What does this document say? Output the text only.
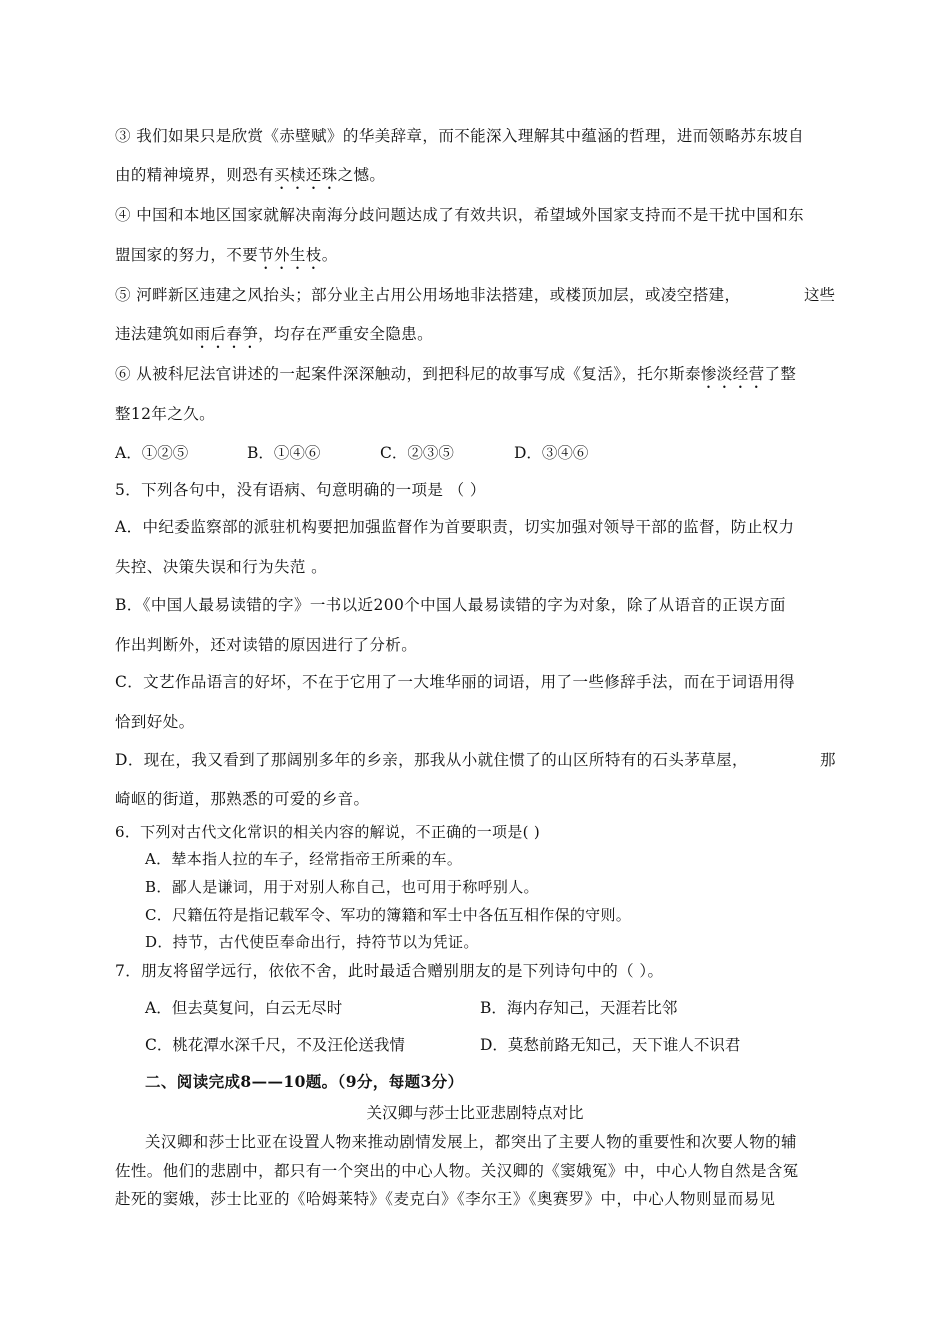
③ 我们如果只是欣赏《赤壁赋》的华美辞章，而不能深入理解其中蕴涵的哲理，进而领略苏东坡自
由的精神境界，则恐有买椟还珠之憾。
④ 中国和本地区国家就解决南海分歧问题达成了有效共识，希望域外国家支持而不是干扰中国和东
盟国家的努力，不要节外生枝。
⑤ 河畔新区违建之风抬头；部分业主占用公用场地非法搭建，或楼顶加层，或凌空搭建，	这些
违法建筑如雨后春笋，均存在严重安全隐患。
⑥ 从被科尼法官讲述的一起案件深深触动，到把科尼的故事写成《复活》，托尔斯泰惨淡经营了整
整12年之久。
A．①②⑤	B．①④⑥	C．②③⑤	D．③④⑥
5．下列各句中，没有语病、句意明确的一项是 （ ）
A．中纪委监察部的派驻机构要把加强监督作为首要职责，切实加强对领导干部的监督，防止权力
失控、决策失误和行为失范 。
B．《中国人最易读错的字》一书以近200个中国人最易读错的字为对象，除了从语音的正误方面
作出判断外，还对读错的原因进行了分析。
C．文艺作品语言的好坏，不在于它用了一大堆华丽的词语，用了一些修辞手法，而在于词语用得
恰到好处。
D．现在，我又看到了那阔别多年的乡亲，那我从小就住惯了的山区所特有的石头茅草屋，	那
崎岖的街道，那熟悉的可爱的乡音。
6．下列对古代文化常识的相关内容的解说，不正确的一项是( )
A．辇本指人拉的车子，经常指帝王所乘的车。
B．鄙人是谦词，用于对别人称自己，也可用于称呼别人。
C．尺籍伍符是指记载军令、军功的簿籍和军士中各伍互相作保的守则。
D．持节，古代使臣奉命出行，持符节以为凭证。
7．朋友将留学远行，依依不舍，此时最适合赠别朋友的是下列诗句中的（ ）。
A．但去莫复问，白云无尽时	B．海内存知己，天涯若比邻
C．桃花潭水深千尺，不及汪伦送我情	D．莫愁前路无知己，天下谁人不识君
二、阅读完成8——10题。（9分，每题3分）
关汉卿与莎士比亚悲剧特点对比
关汉卿和莎士比亚在设置人物来推动剧情发展上，都突出了主要人物的重要性和次要人物的辅
佐性。他们的悲剧中，都只有一个突出的中心人物。关汉卿的《窦娥冤》中，中心人物自然是含冤
赴死的窦娥，莎士比亚的《哈姆莱特》《麦克白》《李尔王》《奥赛罗》中，中心人物则显而易见
